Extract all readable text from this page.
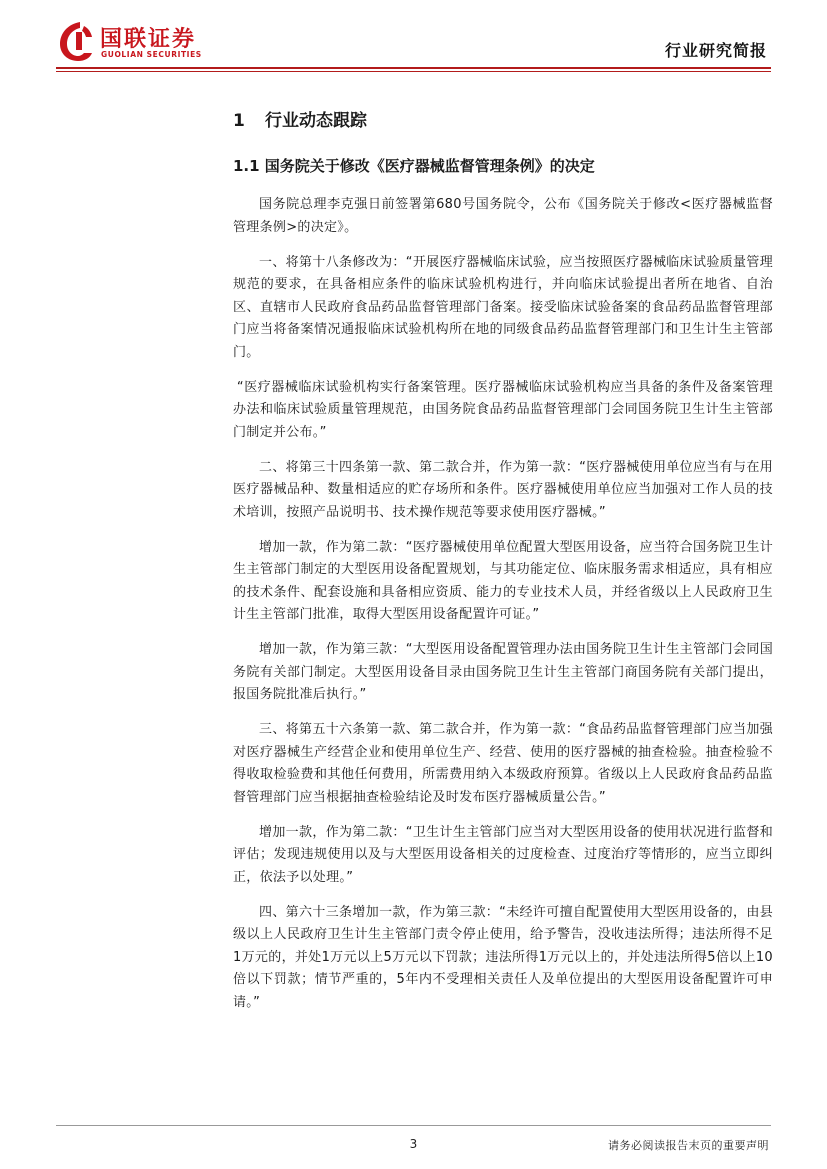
国联证券
GUOLIAN SECURITIES	行业研究简报
1 行业动态跟踪
1.1 国务院关于修改《医疗器械监督管理条例》的决定

国务院总理李克强日前签署第680号国务院令，公布《国务院关于修改<医疗器械监督管理条例>的决定》。

一、将第十八条修改为：“开展医疗器械临床试验，应当按照医疗器械临床试验质量管理规范的要求，在具备相应条件的临床试验机构进行，并向临床试验提出者所在地省、自治区、直辖市人民政府食品药品监督管理部门备案。接受临床试验备案的食品药品监督管理部门应当将备案情况通报临床试验机构所在地的同级食品药品监督管理部门和卫生计生主管部门。

“医疗器械临床试验机构实行备案管理。医疗器械临床试验机构应当具备的条件及备案管理办法和临床试验质量管理规范，由国务院食品药品监督管理部门会同国务院卫生计生主管部门制定并公布。”

二、将第三十四条第一款、第二款合并，作为第一款：“医疗器械使用单位应当有与在用医疗器械品种、数量相适应的贮存场所和条件。医疗器械使用单位应当加强对工作人员的技术培训，按照产品说明书、技术操作规范等要求使用医疗器械。”

增加一款，作为第二款：“医疗器械使用单位配置大型医用设备，应当符合国务院卫生计生主管部门制定的大型医用设备配置规划，与其功能定位、临床服务需求相适应，具有相应的技术条件、配套设施和具备相应资质、能力的专业技术人员，并经省级以上人民政府卫生计生主管部门批准，取得大型医用设备配置许可证。”

增加一款，作为第三款：“大型医用设备配置管理办法由国务院卫生计生主管部门会同国务院有关部门制定。大型医用设备目录由国务院卫生计生主管部门商国务院有关部门提出，报国务院批准后执行。”

三、将第五十六条第一款、第二款合并，作为第一款：“食品药品监督管理部门应当加强对医疗器械生产经营企业和使用单位生产、经营、使用的医疗器械的抽查检验。抽查检验不得收取检验费和其他任何费用，所需费用纳入本级政府预算。省级以上人民政府食品药品监督管理部门应当根据抽查检验结论及时发布医疗器械质量公告。”

增加一款，作为第二款：“卫生计生主管部门应当对大型医用设备的使用状况进行监督和评估；发现违规使用以及与大型医用设备相关的过度检查、过度治疗等情形的，应当立即纠正，依法予以处理。”

四、第六十三条增加一款，作为第三款：“未经许可擅自配置使用大型医用设备的，由县级以上人民政府卫生计生主管部门责令停止使用，给予警告，没收违法所得；违法所得不足1万元的，并处1万元以上5万元以下罚款；违法所得1万元以上的，并处违法所得5倍以上10倍以下罚款；情节严重的，5年内不受理相关责任人及单位提出的大型医用设备配置许可申请。”

3	请务必阅读报告末页的重要声明
